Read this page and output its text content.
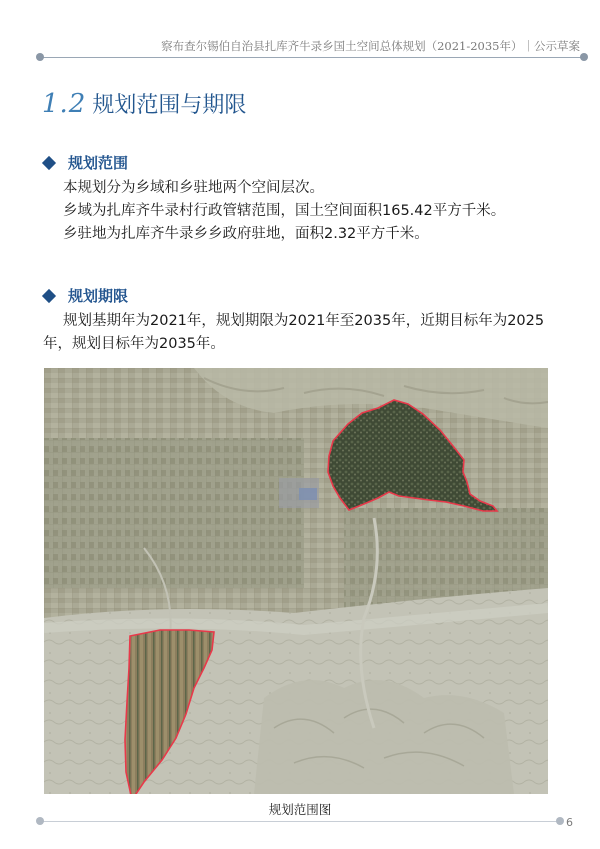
察布查尔锡伯自治县扎库齐牛录乡国土空间总体规划（2021-2035年）｜公示草案
1.2 规划范围与期限
规划范围

本规划分为乡域和乡驻地两个空间层次。

乡域为扎库齐牛录村行政管辖范围，国土空间面积165.42平方千米。

乡驻地为扎库齐牛录乡乡政府驻地，面积2.32平方千米。

规划期限

规划基期年为2021年，规划期限为2021年至2035年，近期目标年为2025年，规划目标年为2035年。

规划范围图
6
